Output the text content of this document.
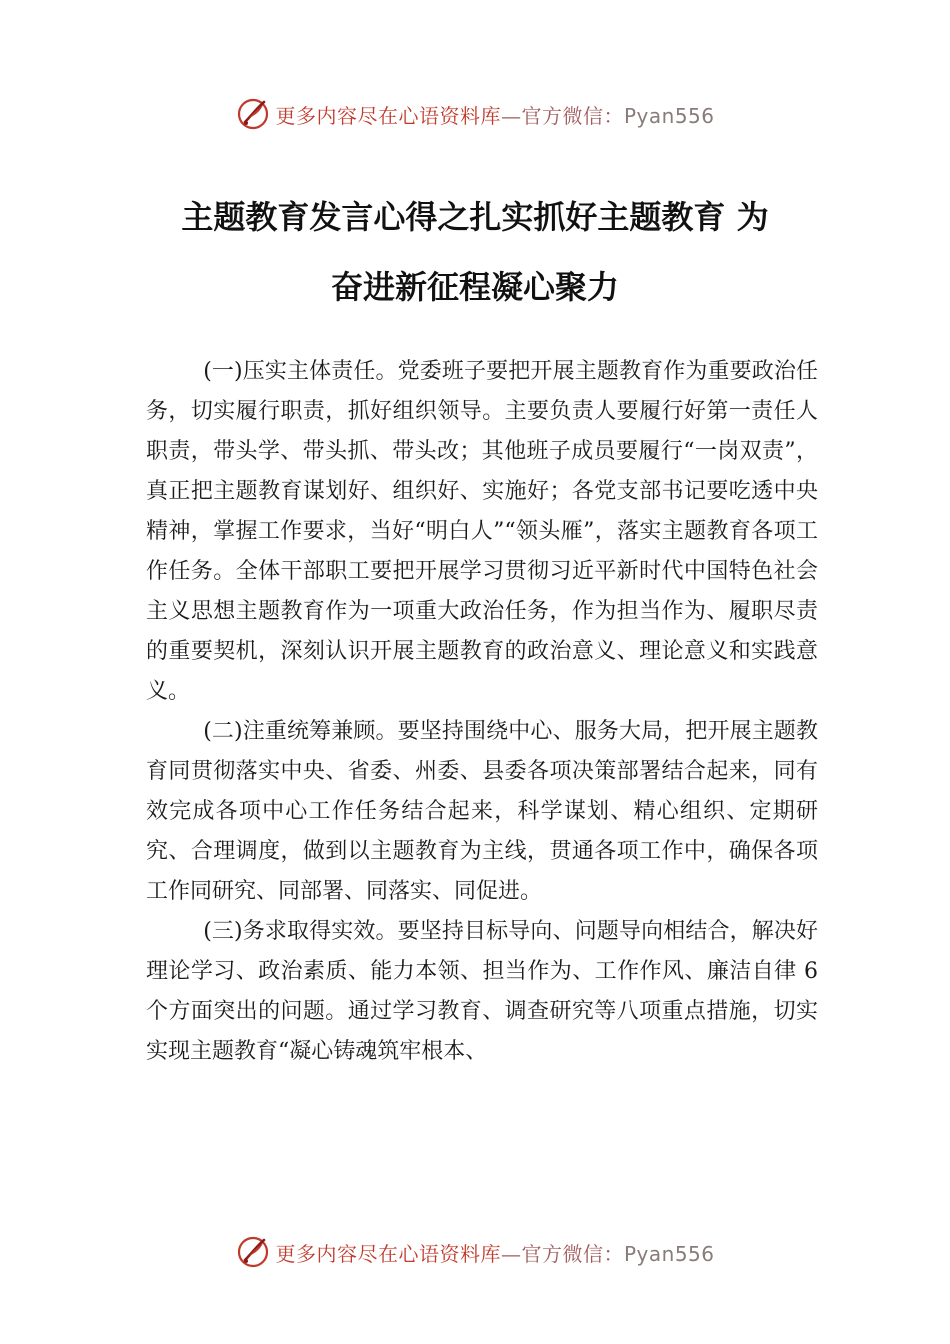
更多内容尽在心语资料库—官方微信：Pyan556
主题教育发言心得之扎实抓好主题教育 为
奋进新征程凝心聚力

(一)压实主体责任。党委班子要把开展主题教育作为重要政治任务，切实履行职责，抓好组织领导。主要负责人要履行好第一责任人职责，带头学、带头抓、带头改；其他班子成员要履行“一岗双责”，真正把主题教育谋划好、组织好、实施好；各党支部书记要吃透中央精神，掌握工作要求，当好“明白人”“领头雁”，落实主题教育各项工作任务。全体干部职工要把开展学习贯彻习近平新时代中国特色社会主义思想主题教育作为一项重大政治任务，作为担当作为、履职尽责的重要契机，深刻认识开展主题教育的政治意义、理论意义和实践意义。

(二)注重统筹兼顾。要坚持围绕中心、服务大局，把开展主题教育同贯彻落实中央、省委、州委、县委各项决策部署结合起来，同有效完成各项中心工作任务结合起来，科学谋划、精心组织、定期研究、合理调度，做到以主题教育为主线，贯通各项工作中，确保各项工作同研究、同部署、同落实、同促进。

(三)务求取得实效。要坚持目标导向、问题导向相结合，解决好理论学习、政治素质、能力本领、担当作为、工作作风、廉洁自律 6 个方面突出的问题。通过学习教育、调查研究等八项重点措施，切实实现主题教育“凝心铸魂筑牢根本、

更多内容尽在心语资料库—官方微信：Pyan556
